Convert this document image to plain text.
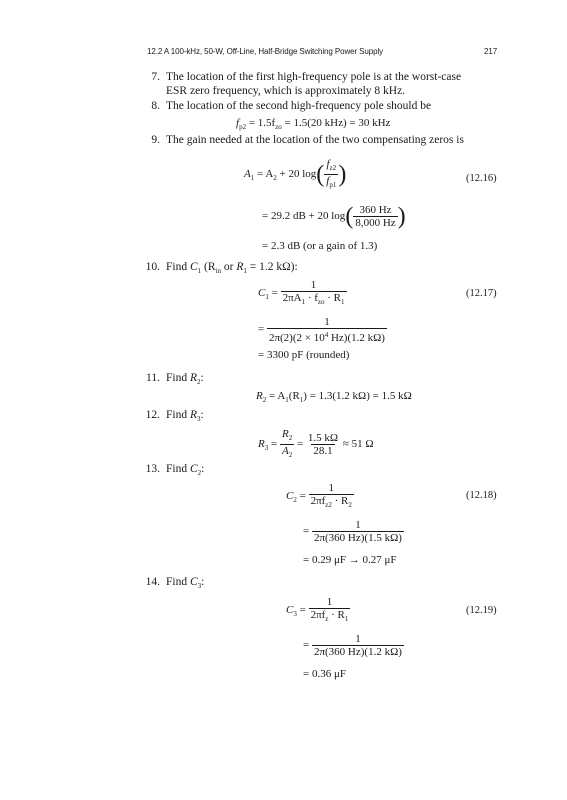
12.2 A 100-kHz, 50-W, Off-Line, Half-Bridge Switching Power Supply	217
7. The location of the first high-frequency pole is at the worst-case
ESR zero frequency, which is approximately 8 kHz.
8. The location of the second high-frequency pole should be
$f_{p2} = 1.5f_{zo} = 1.5(20$ kHz) = 30 kHz
9. The gain needed at the location of the two compensating zeros is
$A_1 = A_2 + 20$ $\log( \frac{f_{z2}}{f_{p1}}$ )	(12.16)
= 29.2 dB + 20 $\log( \frac{360 Hz}{8,000 Hz}$ )
= 2.3 dB (or a gain of 1.3)
10. Find $C_1$ ($R_{in}$ or $R_1 = 1.2$ kΩ):
$C_1 = \frac{1}{2\pi A_1 \cdot f_{zo} \cdot R_1}$	(12.17)
= $\frac{1}{2\pi(2)(2 \times 10^4 Hz)(1.2 k\Omega)}$
= 3300 pF (rounded)
11. Find $R_2$:
$R_2 = A_1(R_1) = 1.3(1.2$ kΩ) = 1.5 kΩ
12. Find $R_3$:
$R_3 = \frac{R_2}{A_2} = \frac{1.5 k\Omega}{28.1} \approx 51$ Ω
13. Find $C_2$:
$C_2 = \frac{1}{2\pi f_{z2} \cdot R_2}$	(12.18)
= $\frac{1}{2\pi(360 Hz)(1.5 k\Omega)}$
= 0.29 μF → 0.27 μF
14. Find $C_3$:
$C_3 = \frac{1}{2\pi f_z \cdot R_1}$	(12.19)
= $\frac{1}{2\pi(360 Hz)(1.2 k\Omega)}$
= 0.36 μF
